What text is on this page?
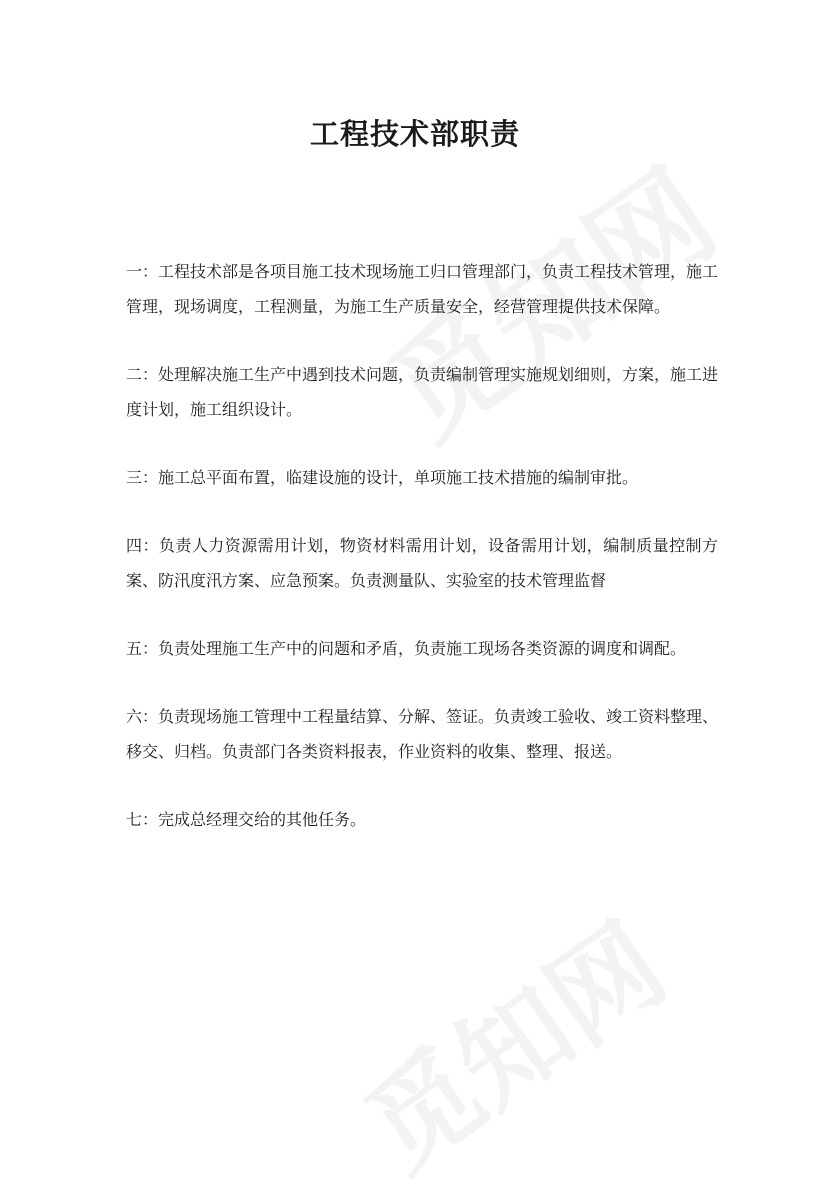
工程技术部职责
一：工程技术部是各项目施工技术现场施工归口管理部门，负责工程技术管理，施工管理，现场调度，工程测量，为施工生产质量安全，经营管理提供技术保障。
二：处理解决施工生产中遇到技术问题，负责编制管理实施规划细则，方案，施工进度计划，施工组织设计。
三：施工总平面布置，临建设施的设计，单项施工技术措施的编制审批。
四：负责人力资源需用计划，物资材料需用计划，设备需用计划，编制质量控制方案、防汛度汛方案、应急预案。负责测量队、实验室的技术管理监督
五：负责处理施工生产中的问题和矛盾，负责施工现场各类资源的调度和调配。
六：负责现场施工管理中工程量结算、分解、签证。负责竣工验收、竣工资料整理、移交、归档。负责部门各类资料报表，作业资料的收集、整理、报送。
七：完成总经理交给的其他任务。
